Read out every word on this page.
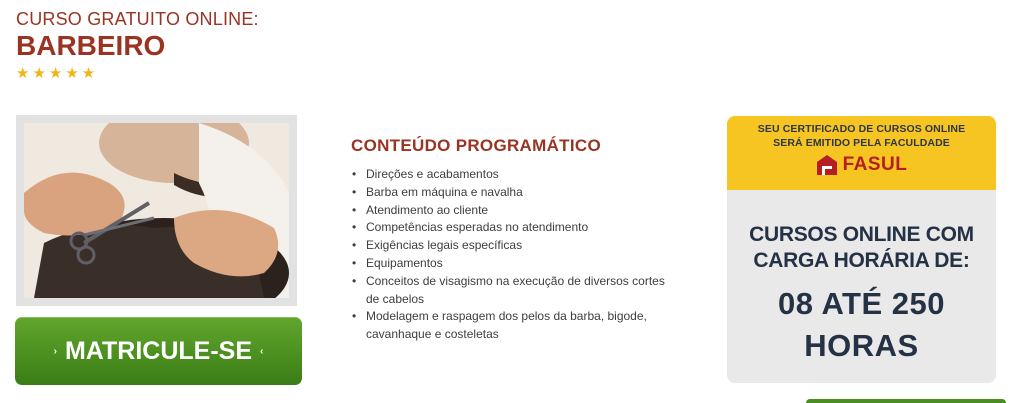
CURSO GRATUITO ONLINE:
BARBEIRO
★★★★★
› MATRICULE-SE ‹
CONTEÚDO PROGRAMÁTICO
• Direções e acabamentos
• Barba em máquina e navalha
• Atendimento ao cliente
• Competências esperadas no atendimento
• Exigências legais específicas
• Equipamentos
• Conceitos de visagismo na execução de diversos cortes de cabelos
• Modelagem e raspagem dos pelos da barba, bigode, cavanhaque e costeletas
SEU CERTIFICADO DE CURSOS ONLINE
SERÁ EMITIDO PELA FACULDADE
FASUL
CURSOS ONLINE COM
CARGA HORÁRIA DE:
08 ATÉ 250
HORAS
